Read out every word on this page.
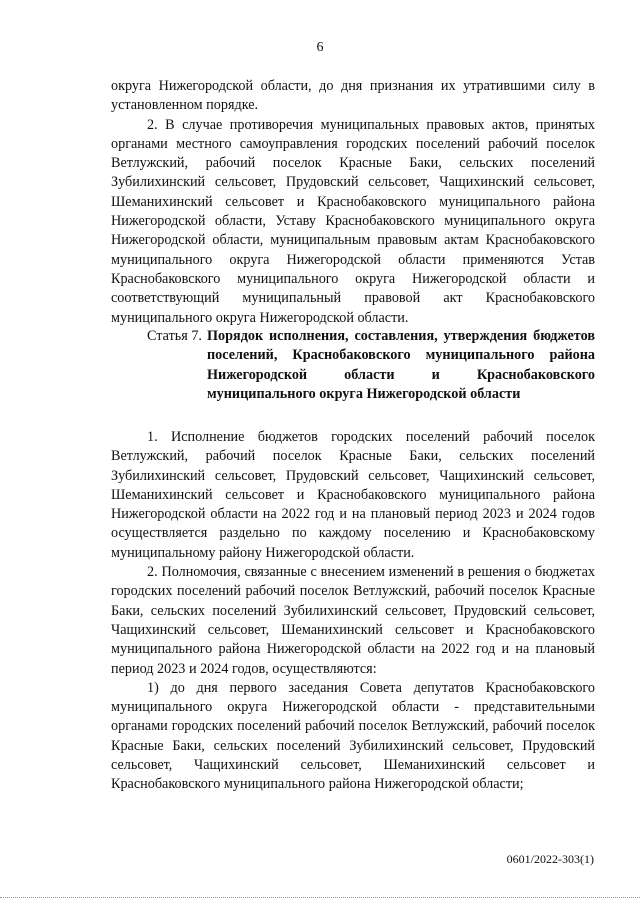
6

округа Нижегородской области, до дня признания их утратившими силу в установленном порядке.

2. В случае противоречия муниципальных правовых актов, принятых органами местного самоуправления городских поселений рабочий поселок Ветлужский, рабочий поселок Красные Баки, сельских поселений Зубилихинский сельсовет, Прудовский сельсовет, Чащихинский сельсовет, Шеманихинский сельсовет и Краснобаковского муниципального района Нижегородской области, Уставу Краснобаковского муниципального округа Нижегородской области, муниципальным правовым актам Краснобаковского муниципального округа Нижегородской области применяются Устав Краснобаковского муниципального округа Нижегородской области и соответствующий муниципальный правовой акт Краснобаковского муниципального округа Нижегородской области.

Статья 7. Порядок исполнения, составления, утверждения бюджетов поселений, Краснобаковского муниципального района Нижегородской области и Краснобаковского муниципального округа Нижегородской области

1. Исполнение бюджетов городских поселений рабочий поселок Ветлужский, рабочий поселок Красные Баки, сельских поселений Зубилихинский сельсовет, Прудовский сельсовет, Чащихинский сельсовет, Шеманихинский сельсовет и Краснобаковского муниципального района Нижегородской области на 2022 год и на плановый период 2023 и 2024 годов осуществляется раздельно по каждому поселению и Краснобаковскому муниципальному району Нижегородской области.

2. Полномочия, связанные с внесением изменений в решения о бюджетах городских поселений рабочий поселок Ветлужский, рабочий поселок Красные Баки, сельских поселений Зубилихинский сельсовет, Прудовский сельсовет, Чащихинский сельсовет, Шеманихинский сельсовет и Краснобаковского муниципального района Нижегородской области на 2022 год и на плановый период 2023 и 2024 годов, осуществляются:

1) до дня первого заседания Совета депутатов Краснобаковского муниципального округа Нижегородской области - представительными органами городских поселений рабочий поселок Ветлужский, рабочий поселок Красные Баки, сельских поселений Зубилихинский сельсовет, Прудовский сельсовет, Чащихинский сельсовет, Шеманихинский сельсовет и Краснобаковского муниципального района Нижегородской области;

0601/2022-303(1)
